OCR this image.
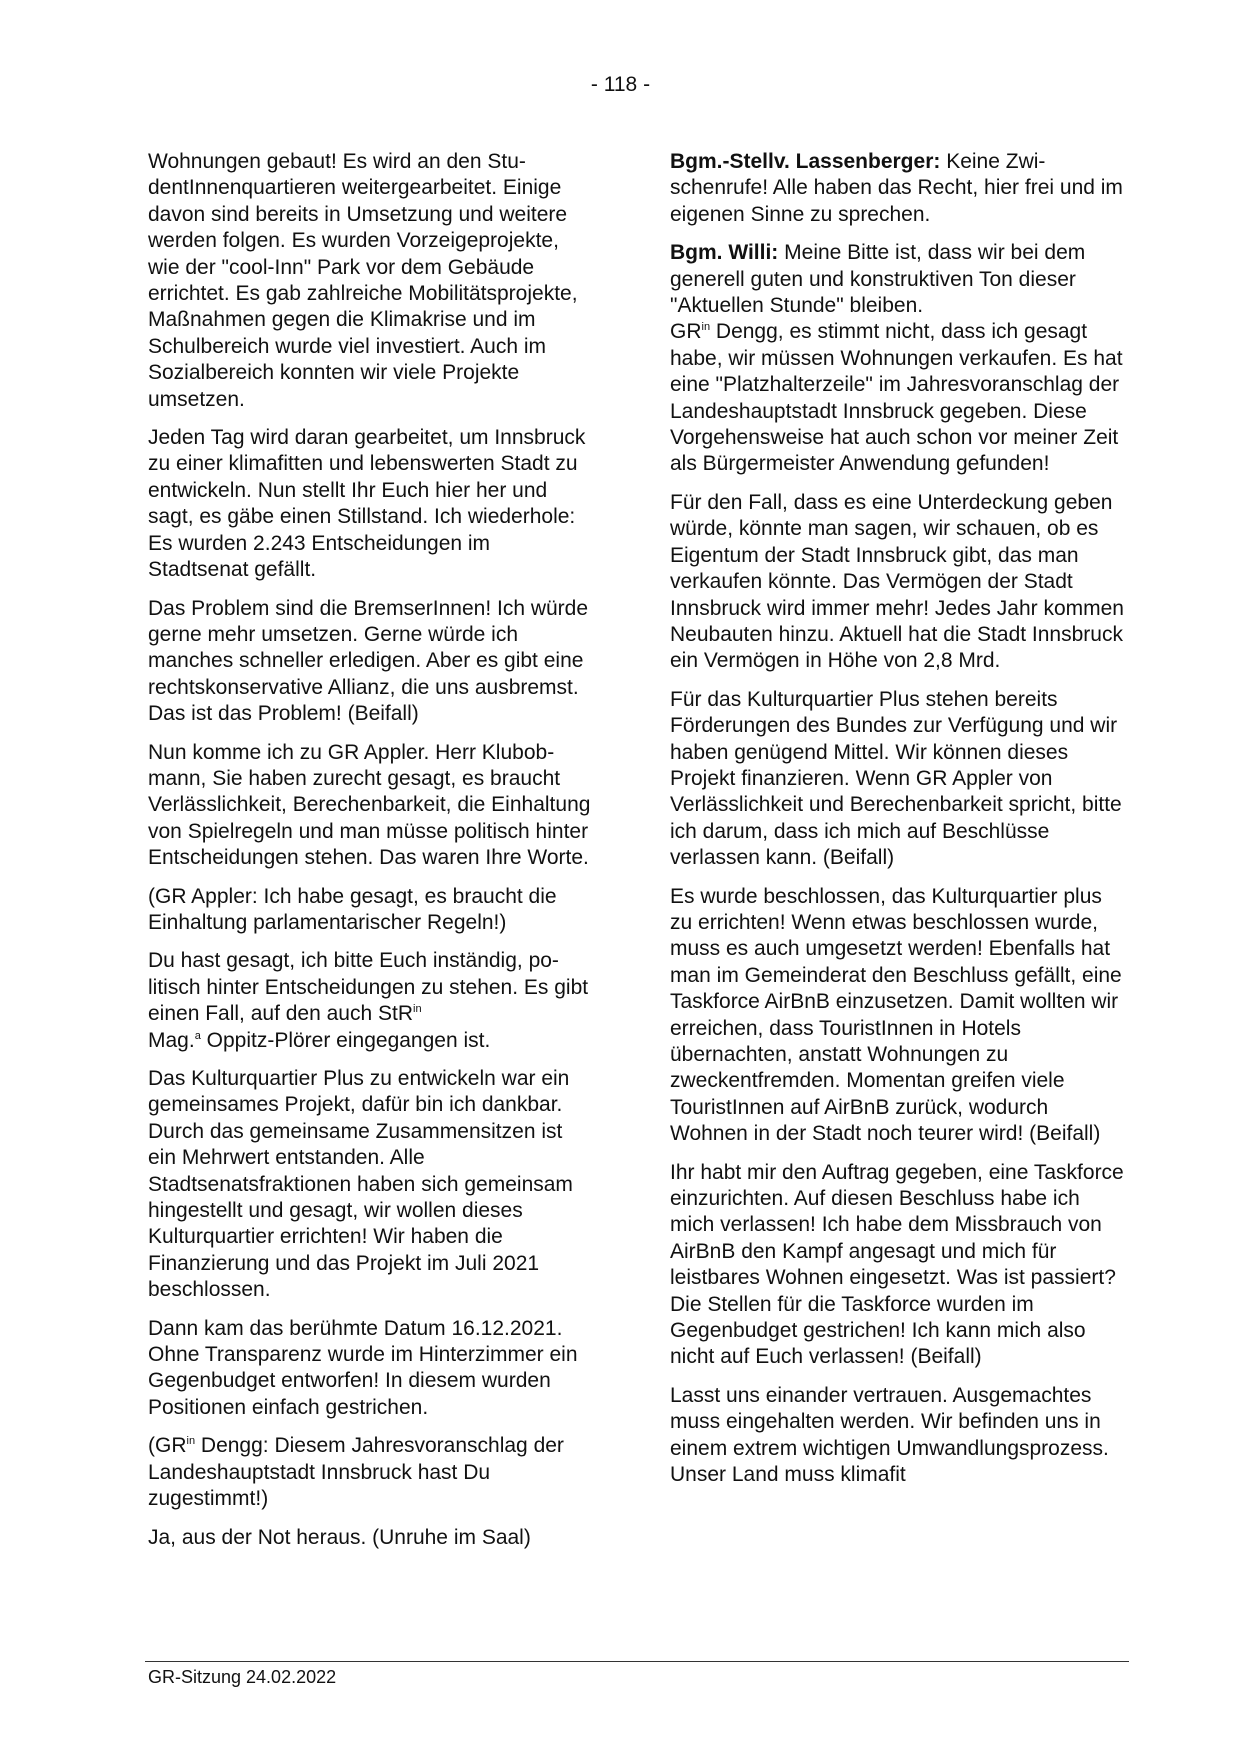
- 118 -

Wohnungen gebaut! Es wird an den StudentInnenquartieren weitergearbeitet. Einige davon sind bereits in Umsetzung und weitere werden folgen. Es wurden Vorzeigeprojekte, wie der "cool-Inn" Park vor dem Gebäude errichtet. Es gab zahlreiche Mobilitätsprojekte, Maßnahmen gegen die Klimakrise und im Schulbereich wurde viel investiert. Auch im Sozialbereich konnten wir viele Projekte umsetzen.

Jeden Tag wird daran gearbeitet, um Innsbruck zu einer klimafitten und lebenswerten Stadt zu entwickeln. Nun stellt Ihr Euch hier her und sagt, es gäbe einen Stillstand. Ich wiederhole: Es wurden 2.243 Entscheidungen im Stadtsenat gefällt.

Das Problem sind die BremserInnen! Ich würde gerne mehr umsetzen. Gerne würde ich manches schneller erledigen. Aber es gibt eine rechtskonservative Allianz, die uns ausbremst. Das ist das Problem! (Beifall)

Nun komme ich zu GR Appler. Herr Klubobmann, Sie haben zurecht gesagt, es braucht Verlässlichkeit, Berechenbarkeit, die Einhaltung von Spielregeln und man müsse politisch hinter Entscheidungen stehen. Das waren Ihre Worte.

(GR Appler: Ich habe gesagt, es braucht die Einhaltung parlamentarischer Regeln!)

Du hast gesagt, ich bitte Euch inständig, politisch hinter Entscheidungen zu stehen. Es gibt einen Fall, auf den auch StR$^{in}$
Mag.$^a$ Oppitz-Plörer eingegangen ist.

Das Kulturquartier Plus zu entwickeln war ein gemeinsames Projekt, dafür bin ich dankbar. Durch das gemeinsame Zusammensitzen ist ein Mehrwert entstanden. Alle Stadtsenatsfraktionen haben sich gemeinsam hingestellt und gesagt, wir wollen dieses Kulturquartier errichten! Wir haben die Finanzierung und das Projekt im Juli 2021 beschlossen.

Dann kam das berühmte Datum 16.12.2021. Ohne Transparenz wurde im Hinterzimmer ein Gegenbudget entworfen! In diesem wurden Positionen einfach gestrichen.

($GR^{in}$ Dengg: Diesem Jahresvoranschlag der Landeshauptstadt Innsbruck hast Du zugestimmt!)

Ja, aus der Not heraus. (Unruhe im Saal)

Bgm.-Stellv. Lassenberger: Keine Zwischenrufe! Alle haben das Recht, hier frei und im eigenen Sinne zu sprechen.

Bgm. Willi: Meine Bitte ist, dass wir bei dem generell guten und konstruktiven Ton dieser "Aktuellen Stunde" bleiben.
$GR^{in}$ Dengg, es stimmt nicht, dass ich gesagt habe, wir müssen Wohnungen verkaufen. Es hat eine "Platzhalterzeile" im Jahresvoranschlag der Landeshauptstadt Innsbruck gegeben. Diese Vorgehensweise hat auch schon vor meiner Zeit als Bürgermeister Anwendung gefunden!

Für den Fall, dass es eine Unterdeckung geben würde, könnte man sagen, wir schauen, ob es Eigentum der Stadt Innsbruck gibt, das man verkaufen könnte. Das Vermögen der Stadt Innsbruck wird immer mehr! Jedes Jahr kommen Neubauten hinzu. Aktuell hat die Stadt Innsbruck ein Vermögen in Höhe von 2,8 Mrd.

Für das Kulturquartier Plus stehen bereits Förderungen des Bundes zur Verfügung und wir haben genügend Mittel. Wir können dieses Projekt finanzieren. Wenn GR Appler von Verlässlichkeit und Berechenbarkeit spricht, bitte ich darum, dass ich mich auf Beschlüsse verlassen kann. (Beifall)

Es wurde beschlossen, das Kulturquartier plus zu errichten! Wenn etwas beschlossen wurde, muss es auch umgesetzt werden! Ebenfalls hat man im Gemeinderat den Beschluss gefällt, eine Taskforce AirBnB einzusetzen. Damit wollten wir erreichen, dass TouristInnen in Hotels übernachten, anstatt Wohnungen zu zweckentfremden. Momentan greifen viele TouristInnen auf AirBnB zurück, wodurch Wohnen in der Stadt noch teurer wird! (Beifall)

Ihr habt mir den Auftrag gegeben, eine Taskforce einzurichten. Auf diesen Beschluss habe ich mich verlassen! Ich habe dem Missbrauch von AirBnB den Kampf angesagt und mich für leistbares Wohnen eingesetzt. Was ist passiert? Die Stellen für die Taskforce wurden im Gegenbudget gestrichen! Ich kann mich also nicht auf Euch verlassen! (Beifall)

Lasst uns einander vertrauen. Ausgemachtes muss eingehalten werden. Wir befinden uns in einem extrem wichtigen Umwandlungsprozess. Unser Land muss klimafit

GR-Sitzung 24.02.2022
